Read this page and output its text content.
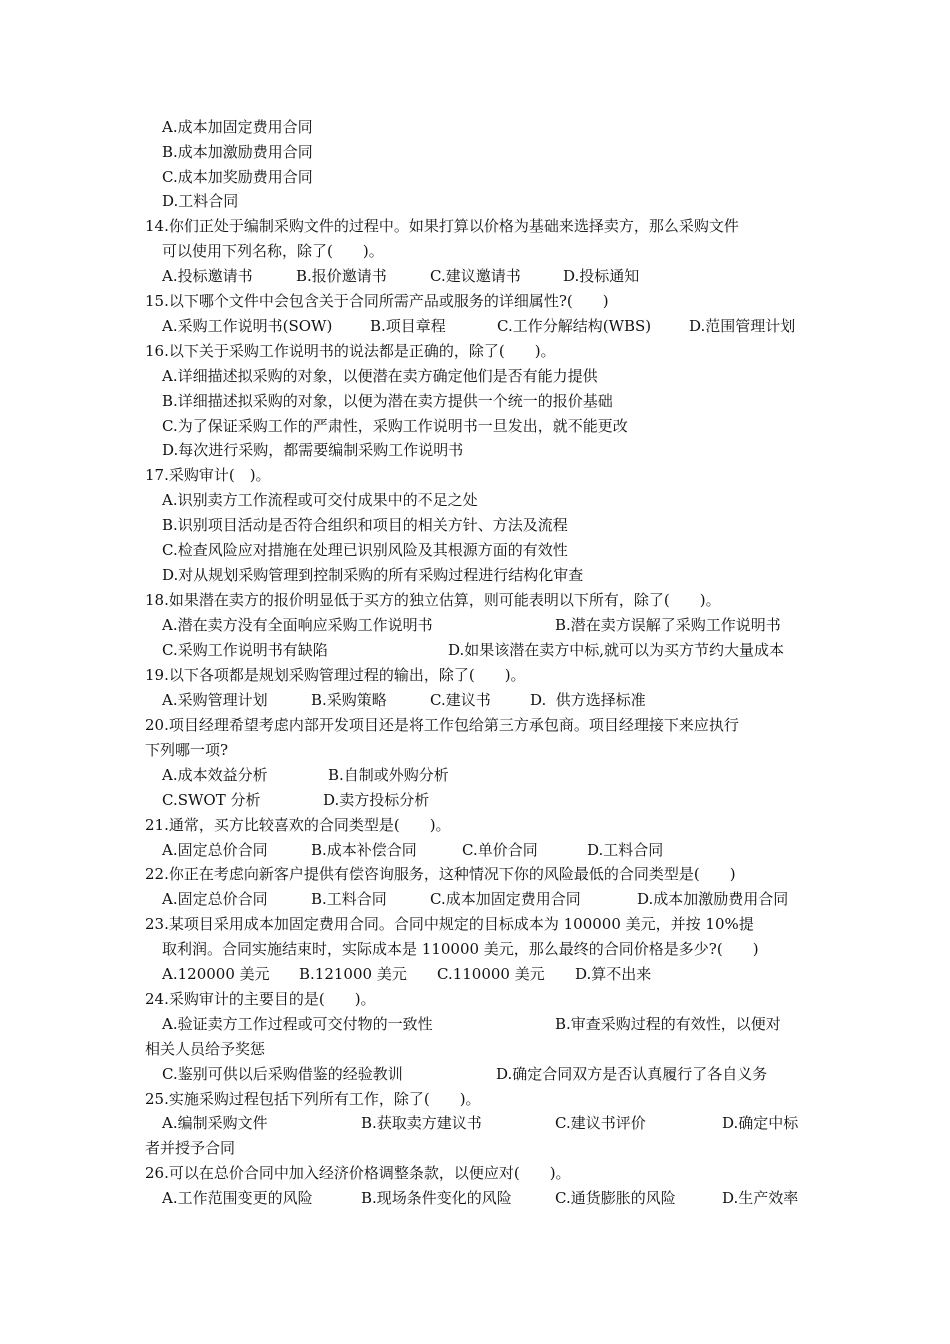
A.成本加固定费用合同
B.成本加激励费用合同
C.成本加奖励费用合同
D.工料合同
14.你们正处于编制采购文件的过程中。如果打算以价格为基础来选择卖方，那么采购文件
可以使用下列名称，除了(　　)。
A.投标邀请书	B.报价邀请书	C.建议邀请书	D.投标通知
15.以下哪个文件中会包含关于合同所需产品或服务的详细属性?(　　)
A.采购工作说明书(SOW)	B.项目章程	C.工作分解结构(WBS)	D.范围管理计划
16.以下关于采购工作说明书的说法都是正确的，除了(　　)。
A.详细描述拟采购的对象，以便潜在卖方确定他们是否有能力提供
B.详细描述拟采购的对象，以便为潜在卖方提供一个统一的报价基础
C.为了保证采购工作的严肃性，采购工作说明书一旦发出，就不能更改
D.每次进行采购，都需要编制采购工作说明书
17.采购审计(　)。
A.识别卖方工作流程或可交付成果中的不足之处
B.识别项目活动是否符合组织和项目的相关方针、方法及流程
C.检查风险应对措施在处理已识别风险及其根源方面的有效性
D.对从规划采购管理到控制采购的所有采购过程进行结构化审查
18.如果潜在卖方的报价明显低于买方的独立估算，则可能表明以下所有，除了(　　)。
A.潜在卖方没有全面响应采购工作说明书	B.潜在卖方误解了采购工作说明书
C.采购工作说明书有缺陷	D.如果该潜在卖方中标,就可以为买方节约大量成本
19.以下各项都是规划采购管理过程的输出，除了(　　)。
A.采购管理计划	B.采购策略	C.建议书	D.  供方选择标准
20.项目经理希望考虑内部开发项目还是将工作包给第三方承包商。项目经理接下来应执行
下列哪一项?
A.成本效益分析	B.自制或外购分析
C.SWOT 分析	D.卖方投标分析
21.通常，买方比较喜欢的合同类型是(　　)。
A.固定总价合同	B.成本补偿合同	C.单价合同	D.工料合同
22.你正在考虑向新客户提供有偿咨询服务，这种情况下你的风险最低的合同类型是(　　)
A.固定总价合同	B.工料合同	C.成本加固定费用合同	D.成本加激励费用合同
23.某项目采用成本加固定费用合同。合同中规定的目标成本为 100000 美元，并按 10%提
取利润。合同实施结束时，实际成本是 110000 美元，那么最终的合同价格是多少?(　　)
A.120000 美元 B.121000 美元 C.110000 美元 D.算不出来
24.采购审计的主要目的是(　　)。
A.验证卖方工作过程或可交付物的一致性	B.审查采购过程的有效性，以便对
相关人员给予奖惩
C.鉴别可供以后采购借鉴的经验教训	D.确定合同双方是否认真履行了各自义务
25.实施采购过程包括下列所有工作，除了(　　)。
A.编制采购文件	B.获取卖方建议书	C.建议书评价	D.确定中标
者并授予合同
26.可以在总价合同中加入经济价格调整条款，以便应对(　　)。
A.工作范围变更的风险	B.现场条件变化的风险	C.通货膨胀的风险	D.生产效率
